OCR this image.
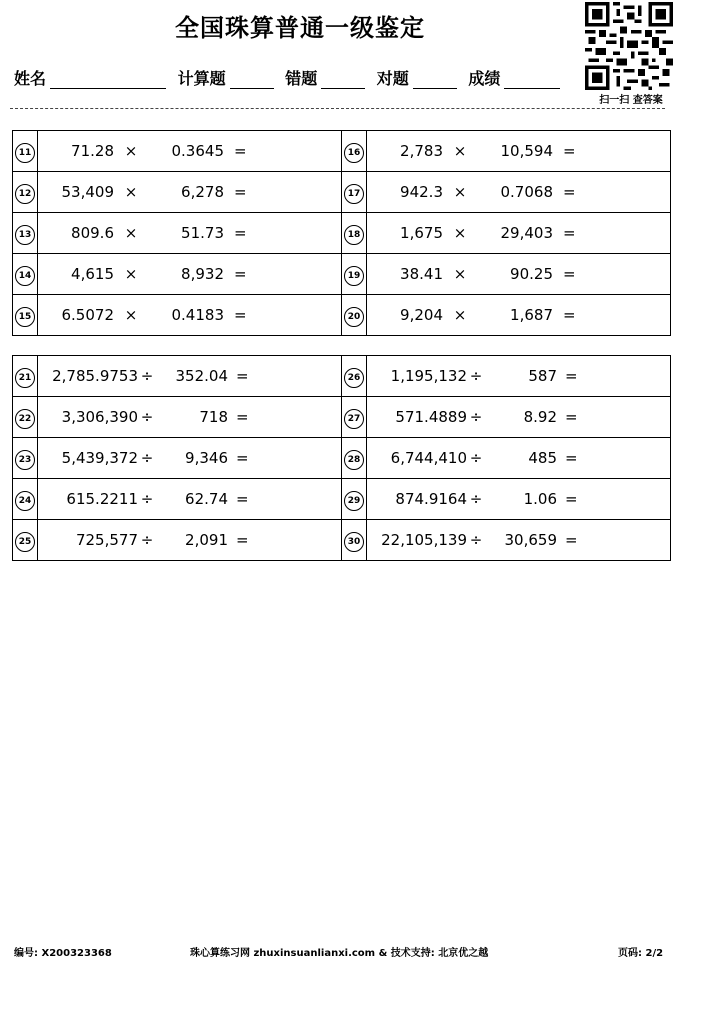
全国珠算普通一级鉴定
姓名	计算题	错题	对题	成绩
扫一扫 查答案
11	71.28 × 0.3645 =	16	2,783 × 10,594 =

12	53,409 × 6,278 =	17	942.3 × 0.7068 =

13	809.6 × 51.73 =	18	1,675 × 29,403 =

14	4,615 × 8,932 =	19	38.41 × 90.25 =

15	6.5072 × 0.4183 =	20	9,204 × 1,687 =
21	2,785.9753 ÷ 352.04 =	26	1,195,132 ÷ 587 =

22	3,306,390 ÷ 718 =	27	571.4889 ÷ 8.92 =

23	5,439,372 ÷ 9,346 =	28	6,744,410 ÷ 485 =

24	615.2211 ÷ 62.74 =	29	874.9164 ÷ 1.06 =

25	725,577 ÷ 2,091 =	30	22,105,139 ÷ 30,659 =
编号: X200323368	珠心算练习网 zhuxinsuanlianxi.com & 技术支持: 北京优之越	页码: 2/2
